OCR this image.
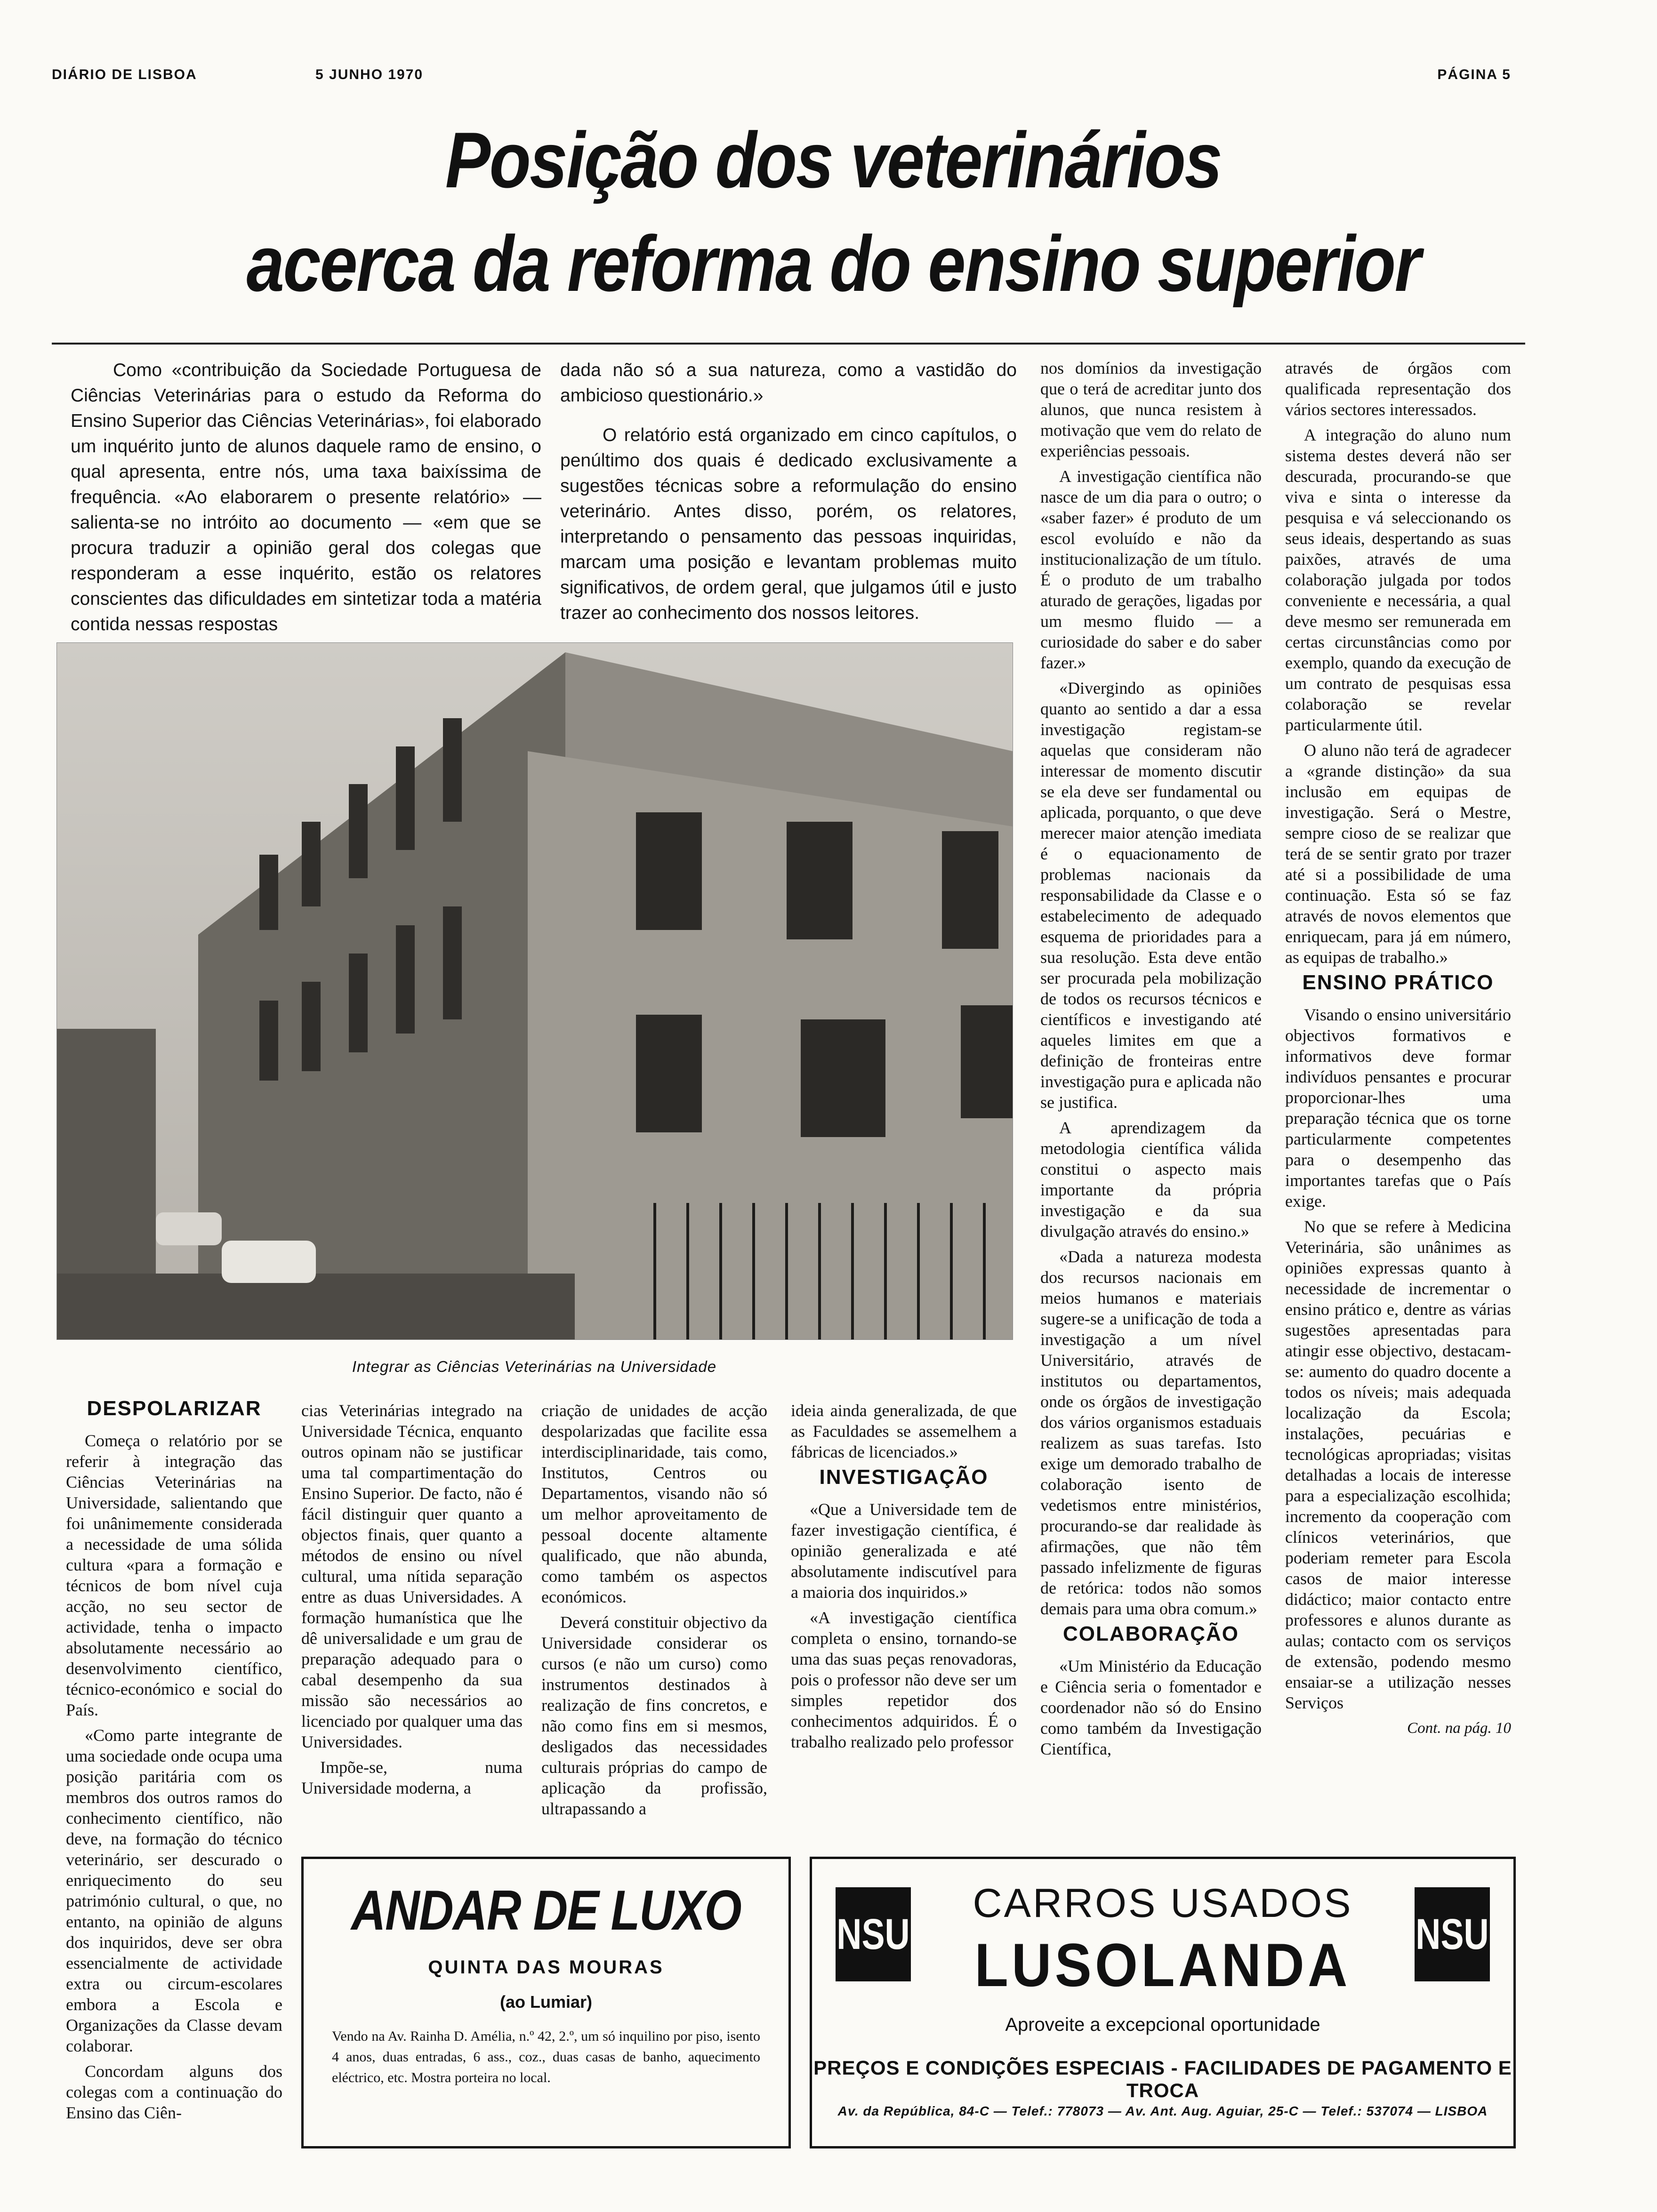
DIÁRIO DE LISBOA	5 JUNHO 1970	PÁGINA 5
Posição dos veterinários
acerca da reforma do ensino superior

Como «contribuição da Sociedade Portuguesa de Ciências Veterinárias para o estudo da Reforma do Ensino Superior das Ciências Veterinárias», foi elaborado um inquérito junto de alunos daquele ramo de ensino, o qual apresenta, entre nós, uma taxa baixíssima de frequência. «Ao elaborarem o presente relatório» — salienta-se no intróito ao documento — «em que se procura traduzir a opinião geral dos colegas que responderam a esse inquérito, estão os relatores conscientes das dificuldades em sintetizar toda a matéria contida nessas respostas

dada não só a sua natureza, como a vastidão do ambicioso questionário.»

O relatório está organizado em cinco capítulos, o penúltimo dos quais é dedicado exclusivamente a sugestões técnicas sobre a reformulação do ensino veterinário. Antes disso, porém, os relatores, interpretando o pensamento das pessoas inquiridas, marcam uma posição e levantam problemas muito significativos, de ordem geral, que julgamos útil e justo trazer ao conhecimento dos nossos leitores.

Integrar as Ciências Veterinárias na Universidade

nos domínios da investigação que o terá de acreditar junto dos alunos, que nunca resistem à motivação que vem do relato de experiências pessoais.

A investigação científica não nasce de um dia para o outro; o «saber fazer» é produto de um escol evoluído e não da institucionalização de um título. É o produto de um trabalho aturado de gerações, ligadas por um mesmo fluido — a curiosidade do saber e do saber fazer.»

«Divergindo as opiniões quanto ao sentido a dar a essa investigação registam-se aquelas que consideram não interessar de momento discutir se ela deve ser fundamental ou aplicada, porquanto, o que deve merecer maior atenção imediata é o equacionamento de problemas nacionais da responsabilidade da Classe e o estabelecimento de adequado esquema de prioridades para a sua resolução. Esta deve então ser procurada pela mobilização de todos os recursos técnicos e científicos e investigando até aqueles limites em que a definição de fronteiras entre investigação pura e aplicada não se justifica.

A aprendizagem da metodologia científica válida constitui o aspecto mais importante da própria investigação e da sua divulgação através do ensino.»

«Dada a natureza modesta dos recursos nacionais em meios humanos e materiais sugere-se a unificação de toda a investigação a um nível Universitário, através de institutos ou departamentos, onde os órgãos de investigação dos vários organismos estaduais realizem as suas tarefas. Isto exige um demorado trabalho de colaboração isento de vedetismos entre ministérios, procurando-se dar realidade às afirmações, que não têm passado infelizmente de figuras de retórica: todos não somos demais para uma obra comum.»

COLABORAÇÃO

«Um Ministério da Educação e Ciência seria o fomentador e coordenador não só do Ensino como também da Investigação Científica,

através de órgãos com qualificada representação dos vários sectores interessados.

A integração do aluno num sistema destes deverá não ser descurada, procurando-se que viva e sinta o interesse da pesquisa e vá seleccionando os seus ideais, despertando as suas paixões, através de uma colaboração julgada por todos conveniente e necessária, a qual deve mesmo ser remunerada em certas circunstâncias como por exemplo, quando da execução de um contrato de pesquisas essa colaboração se revelar particularmente útil.

O aluno não terá de agradecer a «grande distinção» da sua inclusão em equipas de investigação. Será o Mestre, sempre cioso de se realizar que terá de se sentir grato por trazer até si a possibilidade de uma continuação. Esta só se faz através de novos elementos que enriquecam, para já em número, as equipas de trabalho.»

ENSINO PRÁTICO

Visando o ensino universitário objectivos formativos e informativos deve formar indivíduos pensantes e procurar proporcionar-lhes uma preparação técnica que os torne particularmente competentes para o desempenho das importantes tarefas que o País exige.

No que se refere à Medicina Veterinária, são unânimes as opiniões expressas quanto à necessidade de incrementar o ensino prático e, dentre as várias sugestões apresentadas para atingir esse objectivo, destacam-se: aumento do quadro docente a todos os níveis; mais adequada localização da Escola; instalações, pecuárias e tecnológicas apropriadas; visitas detalhadas a locais de interesse para a especialização escolhida; incremento da cooperação com clínicos veterinários, que poderiam remeter para Escola casos de maior interesse didáctico; maior contacto entre professores e alunos durante as aulas; contacto com os serviços de extensão, podendo mesmo ensaiar-se a utilização nesses Serviços

Cont. na pág. 10
DESPOLARIZAR

Começa o relatório por se referir à integração das Ciências Veterinárias na Universidade, salientando que foi unânimemente considerada a necessidade de uma sólida cultura «para a formação e técnicos de bom nível cuja acção, no seu sector de actividade, tenha o impacto absolutamente necessário ao desenvolvimento científico, técnico-económico e social do País.

«Como parte integrante de uma sociedade onde ocupa uma posição paritária com os membros dos outros ramos do conhecimento científico, não deve, na formação do técnico veterinário, ser descurado o enriquecimento do seu património cultural, o que, no entanto, na opinião de alguns dos inquiridos, deve ser obra essencialmente de actividade extra ou circum-escolares embora a Escola e Organizações da Classe devam colaborar.

Concordam alguns dos colegas com a continuação do Ensino das Ciên-

cias Veterinárias integrado na Universidade Técnica, enquanto outros opinam não se justificar uma tal compartimentação do Ensino Superior. De facto, não é fácil distinguir quer quanto a objectos finais, quer quanto a métodos de ensino ou nível cultural, uma nítida separação entre as duas Universidades. A formação humanística que lhe dê universalidade e um grau de preparação adequado para o cabal desempenho da sua missão são necessários ao licenciado por qualquer uma das Universidades.

Impõe-se, numa Universidade moderna, a

criação de unidades de acção despolarizadas que facilite essa interdisciplinaridade, tais como, Institutos, Centros ou Departamentos, visando não só um melhor aproveitamento de pessoal docente altamente qualificado, que não abunda, como também os aspectos económicos.

Deverá constituir objectivo da Universidade considerar os cursos (e não um curso) como instrumentos destinados à realização de fins concretos, e não como fins em si mesmos, desligados das necessidades culturais próprias do campo de aplicação da profissão, ultrapassando a

ideia ainda generalizada, de que as Faculdades se assemelhem a fábricas de licenciados.»

INVESTIGAÇÃO

«Que a Universidade tem de fazer investigação científica, é opinião generalizada e até absolutamente indiscutível para a maioria dos inquiridos.»

«A investigação científica completa o ensino, tornando-se uma das suas peças renovadoras, pois o professor não deve ser um simples repetidor dos conhecimentos adquiridos. É o trabalho realizado pelo professor

ANDAR DE LUXO
QUINTA DAS MOURAS
(ao Lumiar)
Vendo na Av. Rainha D. Amélia, n.º 42, 2.º, um só inquilino por piso, isento 4 anos, duas entradas, 6 ass., coz., duas casas de banho, aquecimento eléctrico, etc. Mostra porteira no local.
NSU	NSU
CARROS USADOS
LUSOLANDA
Aproveite a excepcional oportunidade
PREÇOS E CONDIÇÕES ESPECIAIS - FACILIDADES DE PAGAMENTO E TROCA
Av. da República, 84-C — Telef.: 778073 — Av. Ant. Aug. Aguiar, 25-C — Telef.: 537074 — LISBOA
